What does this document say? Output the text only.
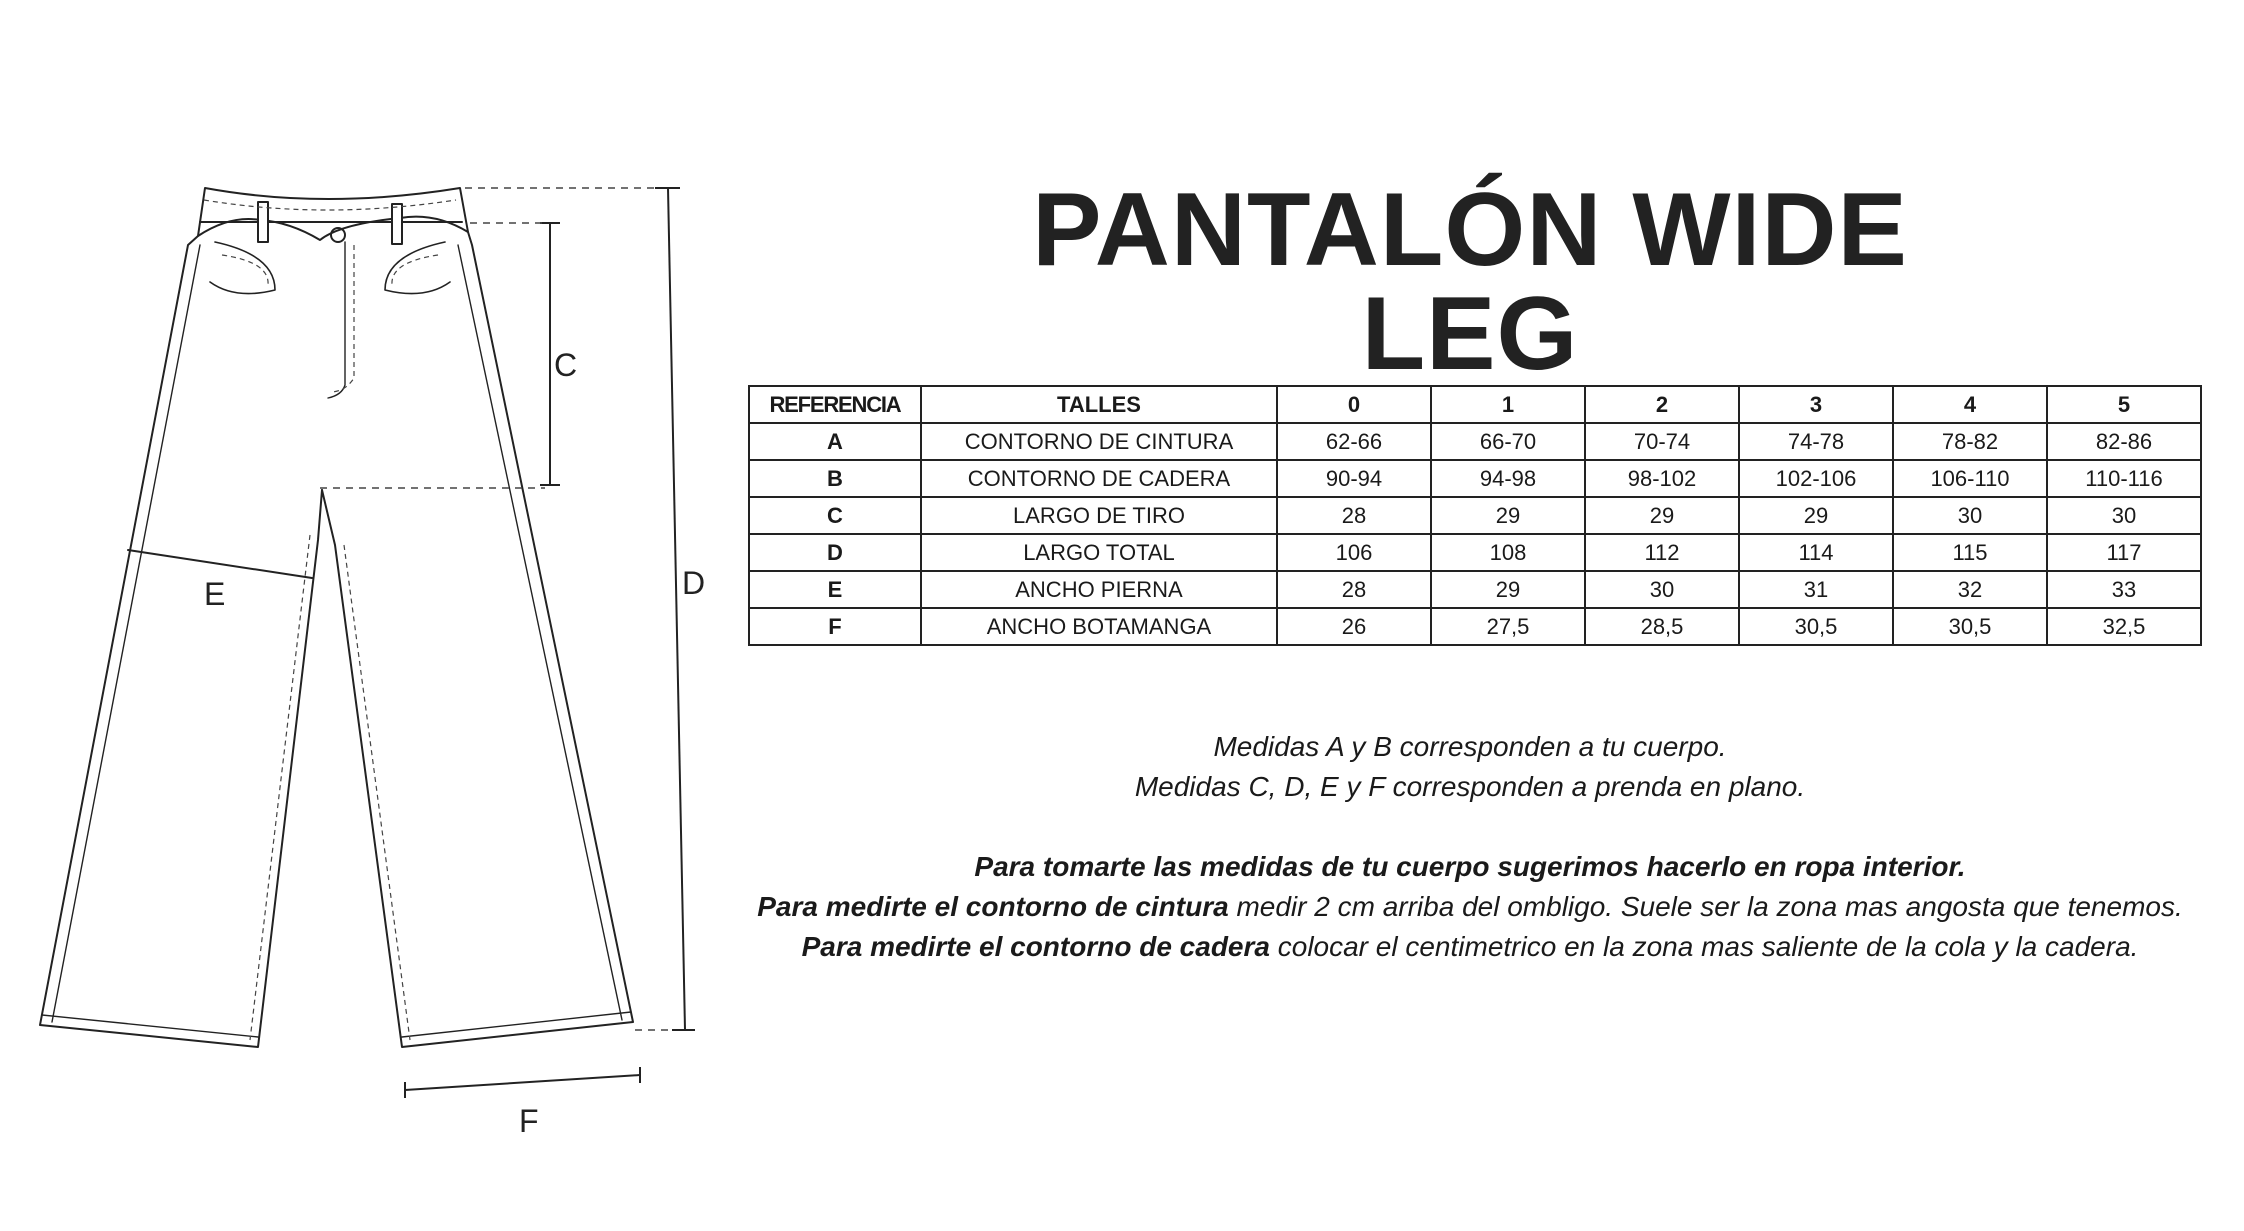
C
D
E
F
PANTALÓN WIDE LEG
REFERENCIA	TALLES	0	1	2	3	4	5
A	CONTORNO DE CINTURA	62-66	66-70	70-74	74-78	78-82	82-86
B	CONTORNO DE CADERA	90-94	94-98	98-102	102-106	106-110	110-116
C	LARGO DE TIRO	28	29	29	29	30	30
D	LARGO TOTAL	106	108	112	114	115	117
E	ANCHO PIERNA	28	29	30	31	32	33
F	ANCHO BOTAMANGA	26	27,5	28,5	30,5	30,5	32,5

Medidas A y B corresponden a tu cuerpo.

Medidas C, D, E y F corresponden a prenda en plano.

Para tomarte las medidas de tu cuerpo sugerimos hacerlo en ropa interior.

Para medirte el contorno de cintura medir 2 cm arriba del ombligo. Suele ser la zona mas angosta que tenemos.

Para medirte el contorno de cadera colocar el centimetrico en la zona mas saliente de la cola y la cadera.
